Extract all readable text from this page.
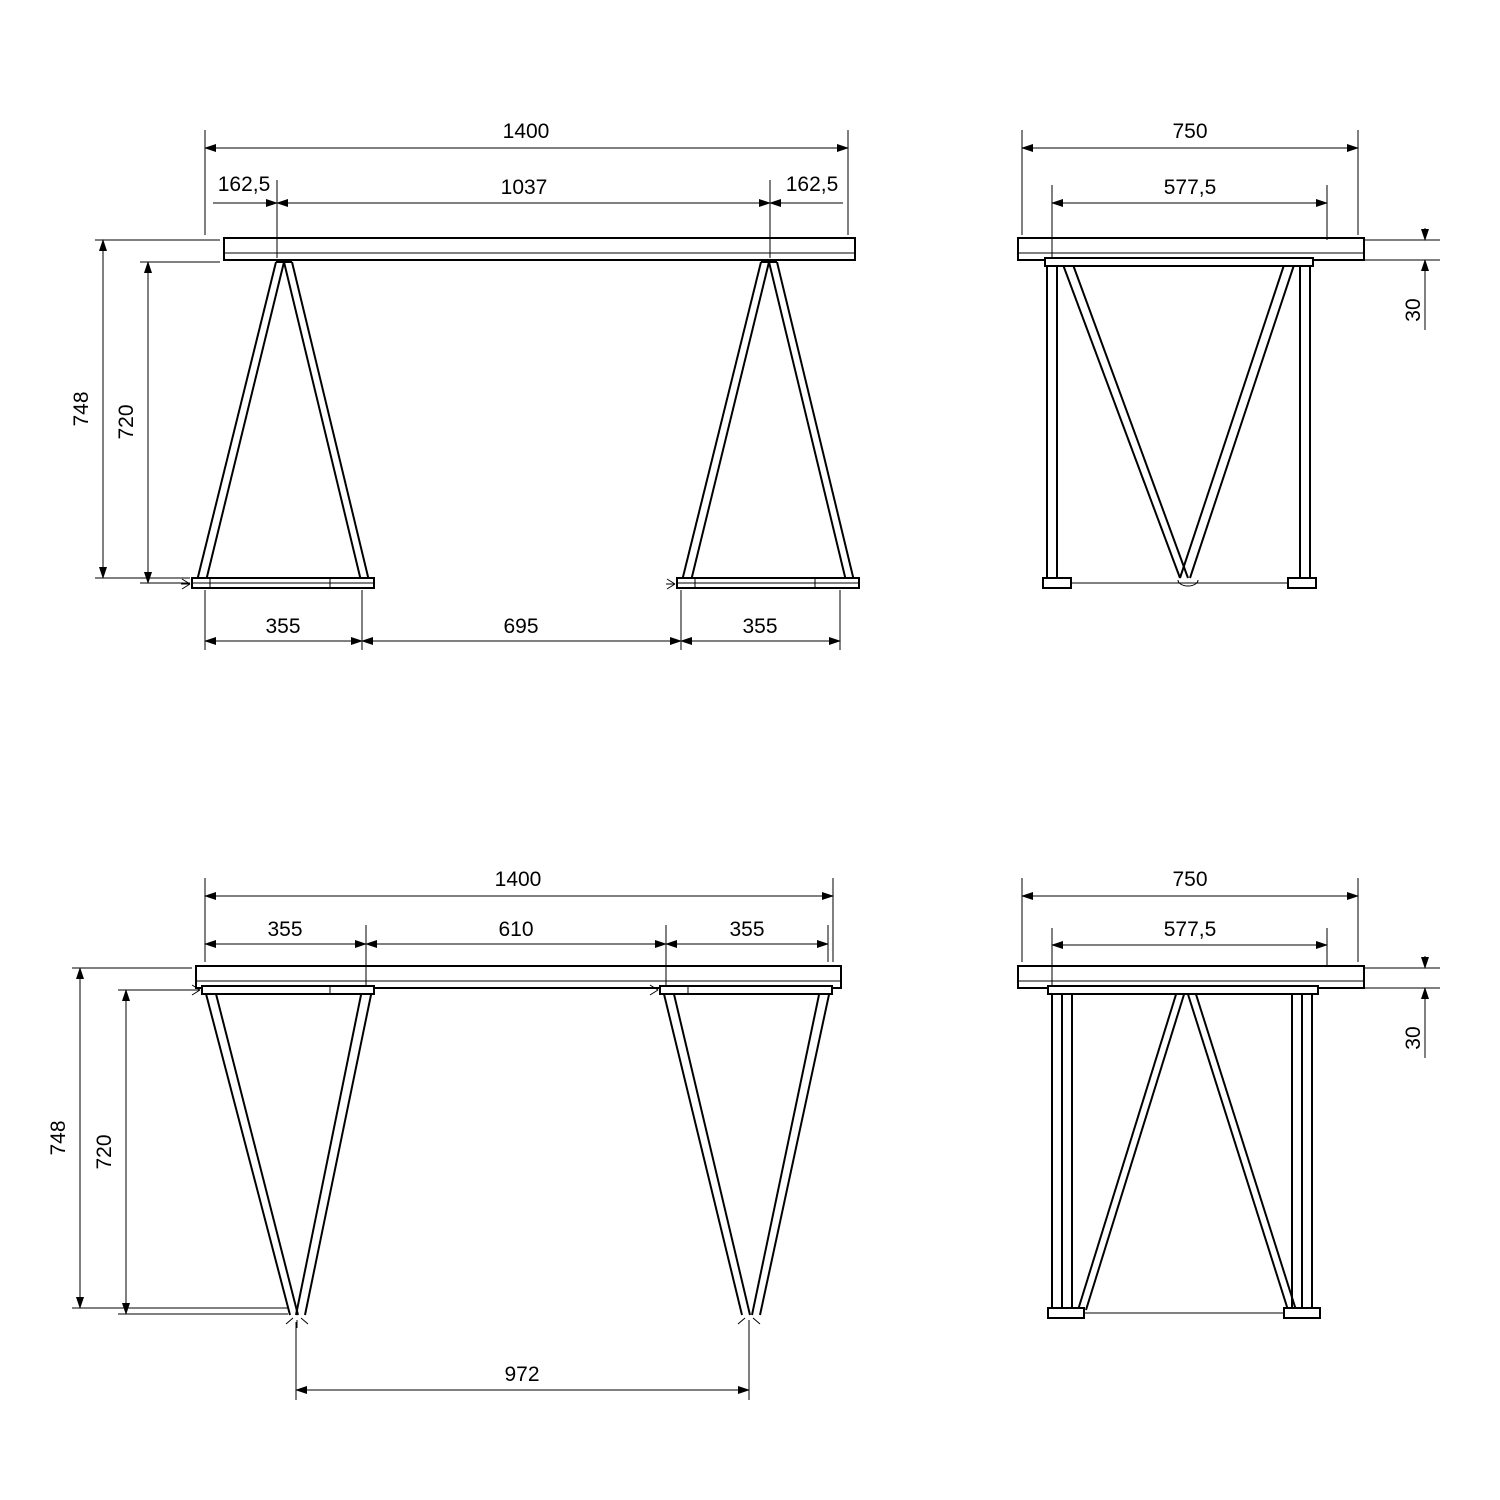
1400
1037
162,5	162,5
748 720
355	695	355
750
577,5
30
1400
355	610	355
748 720
972
750
577,5
30
